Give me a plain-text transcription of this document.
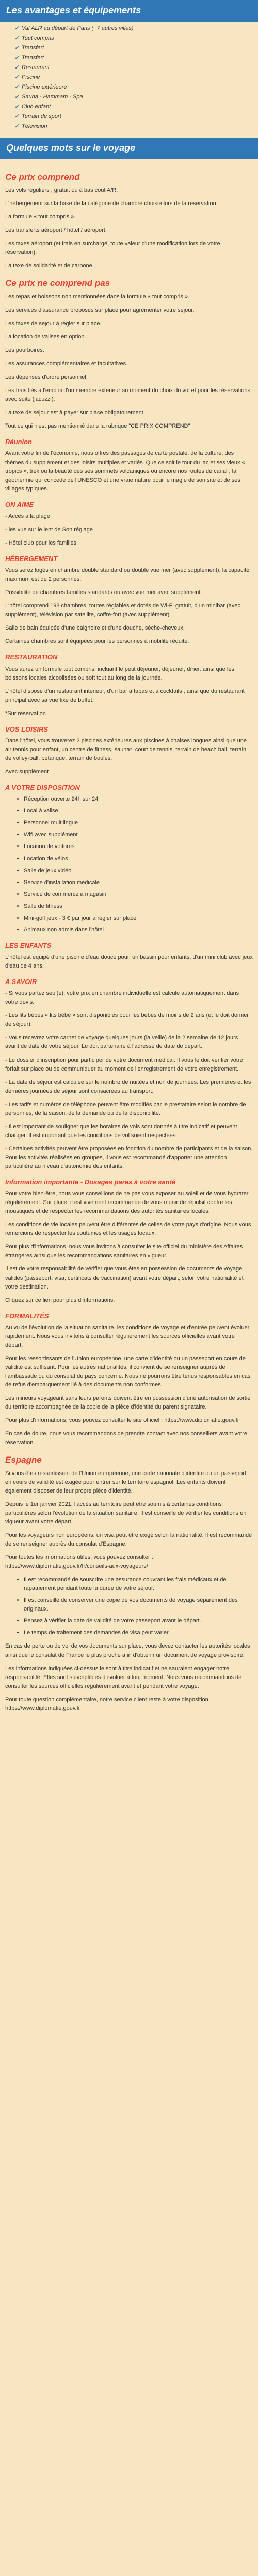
Les avantages et équipements
✓ Val ALR au départ de Paris (+7 autres villes)
✓ Tout compris
✓ Transfert
✓ Transfert
✓ Restaurant
✓ Piscine
✓ Piscine extérieure
✓ Sauna - Hammam - Spa
✓ Club enfant
✓ Terrain de sport
✓ Télévision
Quelques mots sur le voyage
Ce prix comprend

Les vols réguliers ; gratuit ou à bas coût A/R.

L'hébergement sur la base de la catégorie de chambre choisie lors de la réservation.

La formule « tout compris ».

Les transferts aéroport / hôtel / aéroport.

Les taxes aéroport (et frais en surchargé, toute valeur d'une modification lors de votre réservation).

La taxe de solidarité et de carbone.

Ce prix ne comprend pas

Les repas et boissons non mentionnées dans la formule « tout compris ».

Les services d'assurance proposés sur place pour agrémenter votre séjour.

Les taxes de séjour à régler sur place.

La location de valises en option.

Les pourboires.

Les assurances complémentaires et facultatives.

Les dépenses d'ordre personnel.

Les frais liés à l'emploi d'un membre extérieur au moment du choix du vol et pour les réservations avec suite (jacuzzi).

La taxe de séjour est à payer sur place obligatoirement

Tout ce qui n'est pas mentionné dans la rubrique "CE PRIX COMPREND"

Réunion

Avant votre fin de l'économie, nous offres des passages de carte postale, de la culture, des thèmes du supplément et des loisirs multiples et variés. Que ce soit le tour du lac et ses vieux « tropics », trek ou la beauté des ses sommets volcaniques ou encore nos routes de canal ; la géothermie qui concède de l'UNESCO et une vraie nature pour le magie de son site et de ses villages typiques.

ON AIME

- Accès à la plage

- les vue sur le lent de Son réglage

- Hôtel club pour les familles

HÉBERGEMENT

Vous serez logés en chambre double standard ou double vue mer (avec supplément), la capacité maximum est de 2 personnes.

Possibilité de chambres familles standards ou avec vue mer avec supplément.

L'hôtel comprend 198 chambres, toutes réglables et dotés de Wi-Fi gratuit, d'un minibar (avec supplément), télévision par satellite, coffre-fort (avec supplément).

Salle de bain équipée d'une baignoire et d'une douche, sèche-cheveux.

Certaines chambres sont équipées pour les personnes à mobilité réduite.

RESTAURATION

Vous aurez un formule tout compris, incluant le petit déjeuner, déjeuner, dîner. ainsi que les boissons locales alcoolisées ou soft tout au long de la journée.

L'hôtel dispose d'un restaurant intérieur, d'un bar à tapas et à cocktails ; ainsi que du restaurant principal avec sa vue fixe de buffet.

*Sur réservation

VOS LOISIRS

Dans l'hôtel, vous trouverez 2 piscines extérieures aux piscines à chaises longues ainsi que une air tennis pour enfant, un centre de fitness, sauna*, court de tennis, terrain de beach ball, terrain de volley-ball, pétanque, terrain de boules.

Avec supplément

A VOTRE DISPOSITION
• Réception ouverte 24h sur 24
• Local à valise
• Personnel multilingue
• Wifi avec supplément
• Location de voitures
• Location de vélos
• Salle de jeux vidéo
• Service d'installation médicale
• Service de commerce à magasin
• Salle de fitness
• Mini-golf jeux - 3 € par jour à régler sur place
• Animaux non admis dans l'hôtel
LES ENFANTS

L'hôtel est équipé d'une piscine d'eau douce pour, un bassin pour enfants, d'un mini club avec jeux d'eau de 4 ans.

A SAVOIR

- Si vous partez seul(e), votre prix en chambre individuelle est calculé automatiquement dans votre devis.

- Les lits bébés « lits bébé » sont disponibles pour les bébés de moins de 2 ans (et le doit dernier de séjour).

- Vous recevrez votre carnet de voyage quelques jours (la veille) de la 2 semaine de 12 jours avant de date de votre séjour. Le doit partenaire à l'adresse de date de départ.

- Le dossier d'inscription pour participer de votre document médical. Il vous le doit vérifier votre forfait sur place ou de communiquer au moment de l'enregistrement de votre enregistrement.

- La date de séjour est calculée sur le nombre de nuitées et non de journées. Les premières et les dernières journées de séjour sont consacrées au transport.

- Les tarifs et numéros de téléphone peuvent être modifiés par le prestataire selon le nombre de personnes, de la saison, de la demande ou de la disponibilité.

- Il est important de souligner que les horaires de vols sont donnés à titre indicatif et peuvent changer. Il est important que les conditions de vol soient respectées.

- Certaines activités peuvent être proposées en fonction du nombre de participants et de la saison. Pour les activités réalisées en groupes, il vous est recommandé d'apporter une attention particulière au niveau d'autonomie des enfants.

Information importante - Dosages pares à votre santé

Pour votre bien-être, nous vous conseillons de ne pas vous exposer au soleil et de vous hydrater régulièrement. Sur place, il est vivement recommandé de vous munir de répulsif contre les moustiques et de respecter les recommandations des autorités sanitaires locales.

Les conditions de vie locales peuvent être différentes de celles de votre pays d'origine. Nous vous remercions de respecter les coutumes et les usages locaux.

Pour plus d'informations, nous vous invitons à consulter le site officiel du ministère des Affaires étrangères ainsi que les recommandations sanitaires en vigueur.

Il est de votre responsabilité de vérifier que vous êtes en possession de documents de voyage valides (passeport, visa, certificats de vaccination) avant votre départ, selon votre nationalité et votre destination.

Cliquez sur ce lien pour plus d'informations.

FORMALITÉS

Au vu de l'évolution de la situation sanitaire, les conditions de voyage et d'entrée peuvent évoluer rapidement. Nous vous invitons à consulter régulièrement les sources officielles avant votre départ.

Pour les ressortissants de l'Union européenne, une carte d'identité ou un passeport en cours de validité est suffisant. Pour les autres nationalités, il convient de se renseigner auprès de l'ambassade ou du consulat du pays concerné. Nous ne pourrons être tenus responsables en cas de refus d'embarquement lié à des documents non conformes.

Les mineurs voyageant sans leurs parents doivent être en possession d'une autorisation de sortie du territoire accompagnée de la copie de la pièce d'identité du parent signataire.

Pour plus d'informations, vous pouvez consulter le site officiel : https://www.diplomatie.gouv.fr

En cas de doute, nous vous recommandons de prendre contact avec nos conseillers avant votre réservation.

Espagne

Si vous êtes ressortissant de l'Union européenne, une carte nationale d'identité ou un passeport en cours de validité est exigée pour entrer sur le territoire espagnol. Les enfants doivent également disposer de leur propre pièce d'identité.

Depuis le 1er janvier 2021, l'accès au territoire peut être soumis à certaines conditions particulières selon l'évolution de la situation sanitaire. Il est conseillé de vérifier les conditions en vigueur avant votre départ.

Pour les voyageurs non européens, un visa peut être exigé selon la nationalité. Il est recommandé de se renseigner auprès du consulat d'Espagne.

Pour toutes les informations utiles, vous pouvez consulter : https://www.diplomatie.gouv.fr/fr/conseils-aux-voyageurs/

• Il est recommandé de souscrire une assurance couvrant les frais médicaux et de rapatriement pendant toute la durée de votre séjour.
• Il est conseillé de conserver une copie de vos documents de voyage séparément des originaux.
• Pensez à vérifier la date de validité de votre passeport avant le départ.
• Le temps de traitement des demandes de visa peut varier.

En cas de perte ou de vol de vos documents sur place, vous devez contacter les autorités locales ainsi que le consulat de France le plus proche afin d'obtenir un document de voyage provisoire.

Les informations indiquées ci-dessus le sont à titre indicatif et ne sauraient engager notre responsabilité. Elles sont susceptibles d'évoluer à tout moment. Nous vous recommandons de consulter les sources officielles régulièrement avant et pendant votre voyage.

Pour toute question complémentaire, notre service client reste à votre disposition : https://www.diplomatie.gouv.fr
